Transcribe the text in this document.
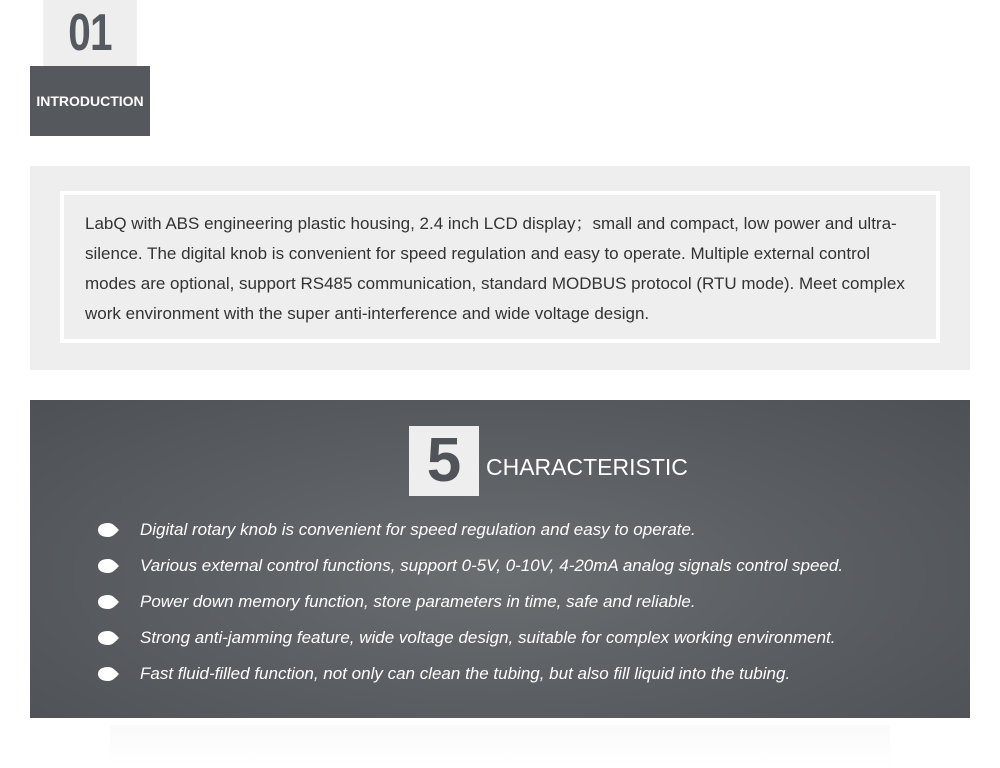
01
INTRODUCTION

LabQ with ABS engineering plastic housing, 2.4 inch LCD display；small and compact, low power and ultra-silence. The digital knob is convenient for speed regulation and easy to operate. Multiple external control modes are optional, support RS485 communication, standard MODBUS protocol (RTU mode). Meet complex work environment with the super anti-interference and wide voltage design.

5	CHARACTERISTIC
Digital rotary knob is convenient for speed regulation and easy to operate.
Various external control functions, support 0-5V, 0-10V, 4-20mA analog signals control speed.
Power down memory function, store parameters in time, safe and reliable.
Strong anti-jamming feature, wide voltage design, suitable for complex working environment.
Fast fluid-filled function, not only can clean the tubing, but also fill liquid into the tubing.
